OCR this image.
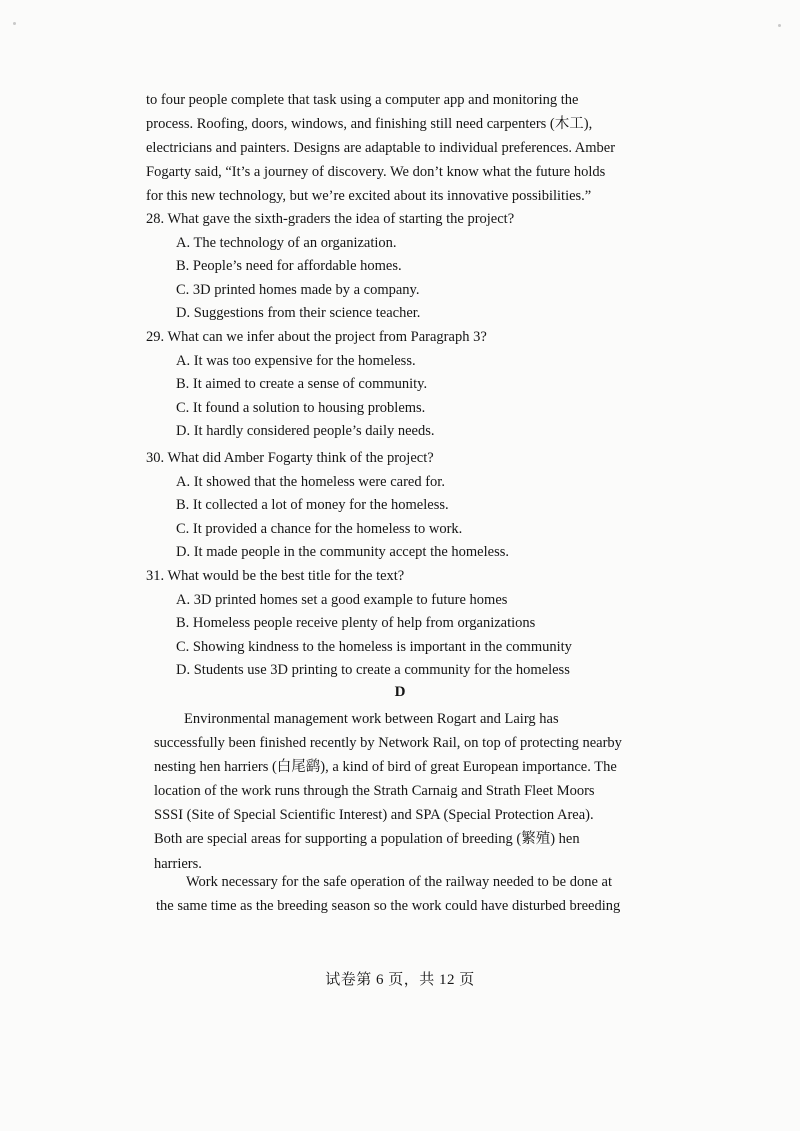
to four people complete that task using a computer app and monitoring the
process. Roofing, doors, windows, and finishing still need carpenters (木工),
electricians and painters. Designs are adaptable to individual preferences. Amber
Fogarty said, “It’s a journey of discovery. We don’t know what the future holds
for this new technology, but we’re excited about its innovative possibilities.”

28. What gave the sixth-graders the idea of starting the project?
A. The technology of an organization.
B. People’s need for affordable homes.
C. 3D printed homes made by a company.
D. Suggestions from their science teacher.
29. What can we infer about the project from Paragraph 3?
A. It was too expensive for the homeless.
B. It aimed to create a sense of community.
C. It found a solution to housing problems.
D. It hardly considered people’s daily needs.
30. What did Amber Fogarty think of the project?
A. It showed that the homeless were cared for.
B. It collected a lot of money for the homeless.
C. It provided a chance for the homeless to work.
D. It made people in the community accept the homeless.
31. What would be the best title for the text?
A. 3D printed homes set a good example to future homes
B. Homeless people receive plenty of help from organizations
C. Showing kindness to the homeless is important in the community
D. Students use 3D printing to create a community for the homeless
D

Environmental management work between Rogart and Lairg has
successfully been finished recently by Network Rail, on top of protecting nearby
nesting hen harriers (白尾鹞), a kind of bird of great European importance. The
location of the work runs through the Strath Carnaig and Strath Fleet Moors
SSSI (Site of Special Scientific Interest) and SPA (Special Protection Area).
Both are special areas for supporting a population of breeding (繁殖) hen
harriers.

Work necessary for the safe operation of the railway needed to be done at
the same time as the breeding season so the work could have disturbed breeding

试卷第 6 页，共 12 页
